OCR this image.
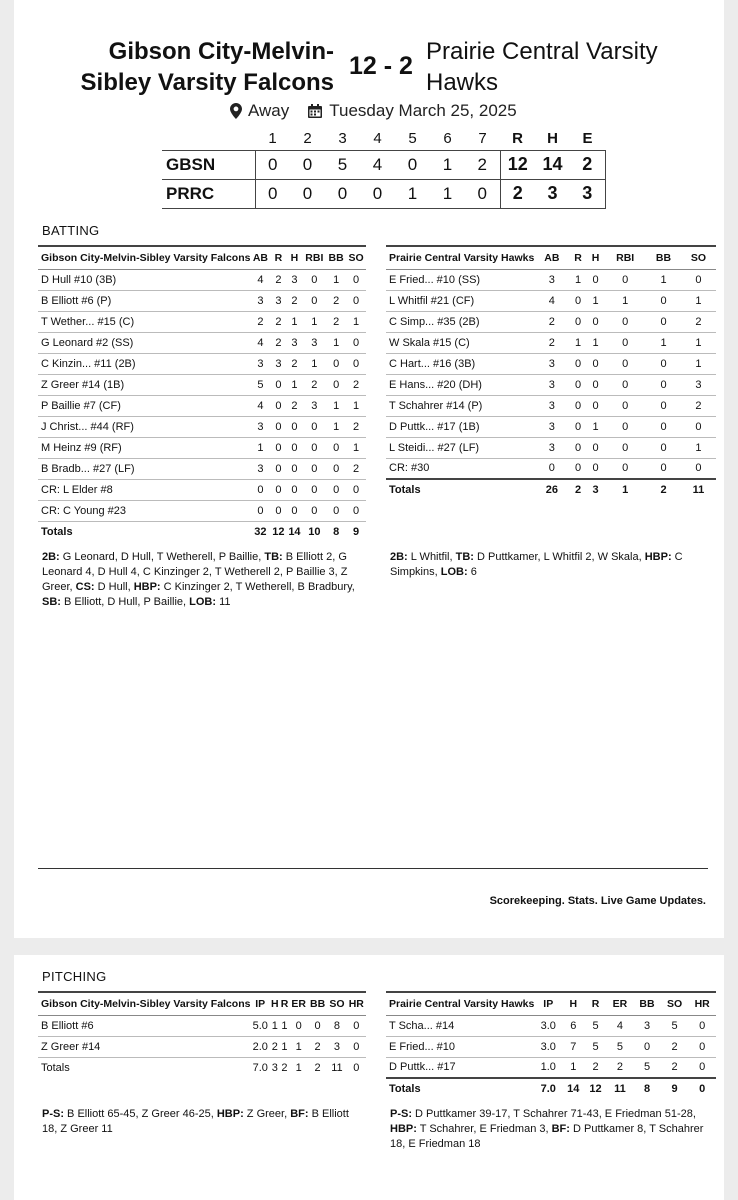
Gibson City-Melvin-
Sibley Varsity Falcons
12 - 2
Prairie Central Varsity
Hawks
Away Tuesday March 25, 2025
	1	2	3	4	5	6	7	R	H	E
GBSN	0	0	5	4	0	1	2	12	14	2
PRRC	0	0	0	0	1	1	0	2	3	3
BATTING
Gibson City-Melvin-Sibley Varsity Falcons	AB	R	H	RBI	BB	SO
D Hull #10 (3B)	4	2	3	0	1	0
B Elliott #6 (P)	3	3	2	0	2	0
T Wether... #15 (C)	2	2	1	1	2	1
G Leonard #2 (SS)	4	2	3	3	1	0
C Kinzin... #11 (2B)	3	3	2	1	0	0
Z Greer #14 (1B)	5	0	1	2	0	2
P Baillie #7 (CF)	4	0	2	3	1	1
J Christ... #44 (RF)	3	0	0	0	1	2
M Heinz #9 (RF)	1	0	0	0	0	1
B Bradb... #27 (LF)	3	0	0	0	0	2
CR: L Elder #8	0	0	0	0	0	0
CR: C Young #23	0	0	0	0	0	0
Totals	32	12	14	10	8	9
Prairie Central Varsity Hawks	AB	R	H	RBI	BB	SO
E Fried... #10 (SS)	3	1	0	0	1	0
L Whitfil #21 (CF)	4	0	1	1	0	1
C Simp... #35 (2B)	2	0	0	0	0	2
W Skala #15 (C)	2	1	1	0	1	1
C Hart... #16 (3B)	3	0	0	0	0	1
E Hans... #20 (DH)	3	0	0	0	0	3
T Schahrer #14 (P)	3	0	0	0	0	2
D Puttk... #17 (1B)	3	0	1	0	0	0
L Steidi... #27 (LF)	3	0	0	0	0	1
CR: #30	0	0	0	0	0	0
Totals	26	2	3	1	2	11
2B: G Leonard, D Hull, T Wetherell, P Baillie, TB: B Elliott 2, G Leonard 4, D Hull 4, C Kinzinger 2, T Wetherell 2, P Baillie 3, Z Greer, CS: D Hull, HBP: C Kinzinger 2, T Wetherell, B Bradbury, SB: B Elliott, D Hull, P Baillie, LOB: 11
2B: L Whitfil, TB: D Puttkamer, L Whitfil 2, W Skala, HBP: C Simpkins, LOB: 6
Scorekeeping. Stats. Live Game Updates.
PITCHING
Gibson City-Melvin-Sibley Varsity Falcons	IP	H	R	ER	BB	SO	HR
B Elliott #6	5.0	1	1	0	0	8	0
Z Greer #14	2.0	2	1	1	2	3	0
Totals	7.0	3	2	1	2	11	0
Prairie Central Varsity Hawks	IP	H	R	ER	BB	SO	HR
T Scha... #14	3.0	6	5	4	3	5	0
E Fried... #10	3.0	7	5	5	0	2	0
D Puttk... #17	1.0	1	2	2	5	2	0
Totals	7.0	14	12	11	8	9	0
P-S: B Elliott 65-45, Z Greer 46-25, HBP: Z Greer, BF: B Elliott 18, Z Greer 11
P-S: D Puttkamer 39-17, T Schahrer 71-43, E Friedman 51-28, HBP: T Schahrer, E Friedman 3, BF: D Puttkamer 8, T Schahrer 18, E Friedman 18
